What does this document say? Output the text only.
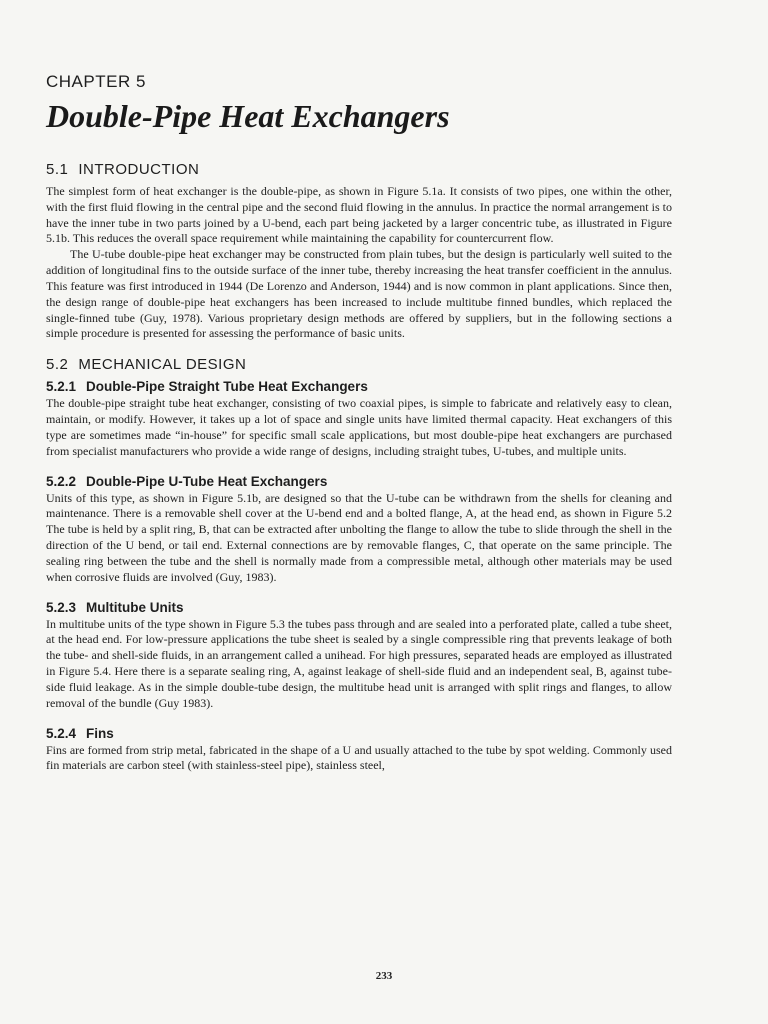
CHAPTER 5
Double-Pipe Heat Exchangers
5.1 INTRODUCTION

The simplest form of heat exchanger is the double-pipe, as shown in Figure 5.1a. It consists of two pipes, one within the other, with the first fluid flowing in the central pipe and the second fluid flowing in the annulus. In practice the normal arrangement is to have the inner tube in two parts joined by a U-bend, each part being jacketed by a larger concentric tube, as illustrated in Figure 5.1b. This reduces the overall space requirement while maintaining the capability for countercurrent flow.

The U-tube double-pipe heat exchanger may be constructed from plain tubes, but the design is particularly well suited to the addition of longitudinal fins to the outside surface of the inner tube, thereby increasing the heat transfer coefficient in the annulus. This feature was first introduced in 1944 (De Lorenzo and Anderson, 1944) and is now common in plant applications. Since then, the design range of double-pipe heat exchangers has been increased to include multitube finned bundles, which replaced the single-finned tube (Guy, 1978). Various proprietary design methods are offered by suppliers, but in the following sections a simple procedure is presented for assessing the performance of basic units.

5.2 MECHANICAL DESIGN
5.2.1 Double-Pipe Straight Tube Heat Exchangers

The double-pipe straight tube heat exchanger, consisting of two coaxial pipes, is simple to fabricate and relatively easy to clean, maintain, or modify. However, it takes up a lot of space and single units have limited thermal capacity. Heat exchangers of this type are sometimes made “in-house” for specific small scale applications, but most double-pipe heat exchangers are purchased from specialist manufacturers who provide a wide range of designs, including straight tubes, U-tubes, and multiple units.

5.2.2 Double-Pipe U-Tube Heat Exchangers

Units of this type, as shown in Figure 5.1b, are designed so that the U-tube can be withdrawn from the shells for cleaning and maintenance. There is a removable shell cover at the U-bend end and a bolted flange, A, at the head end, as shown in Figure 5.2 The tube is held by a split ring, B, that can be extracted after unbolting the flange to allow the tube to slide through the shell in the direction of the U bend, or tail end. External connections are by removable flanges, C, that operate on the same principle. The sealing ring between the tube and the shell is normally made from a compressible metal, although other materials may be used when corrosive fluids are involved (Guy, 1983).

5.2.3 Multitube Units

In multitube units of the type shown in Figure 5.3 the tubes pass through and are sealed into a perforated plate, called a tube sheet, at the head end. For low-pressure applications the tube sheet is sealed by a single compressible ring that prevents leakage of both the tube- and shell-side fluids, in an arrangement called a unihead. For high pressures, separated heads are employed as illustrated in Figure 5.4. Here there is a separate sealing ring, A, against leakage of shell-side fluid and an independent seal, B, against tube-side fluid leakage. As in the simple double-tube design, the multitube head unit is arranged with split rings and flanges, to allow removal of the bundle (Guy 1983).

5.2.4 Fins

Fins are formed from strip metal, fabricated in the shape of a U and usually attached to the tube by spot welding. Commonly used fin materials are carbon steel (with stainless-steel pipe), stainless steel,

233
